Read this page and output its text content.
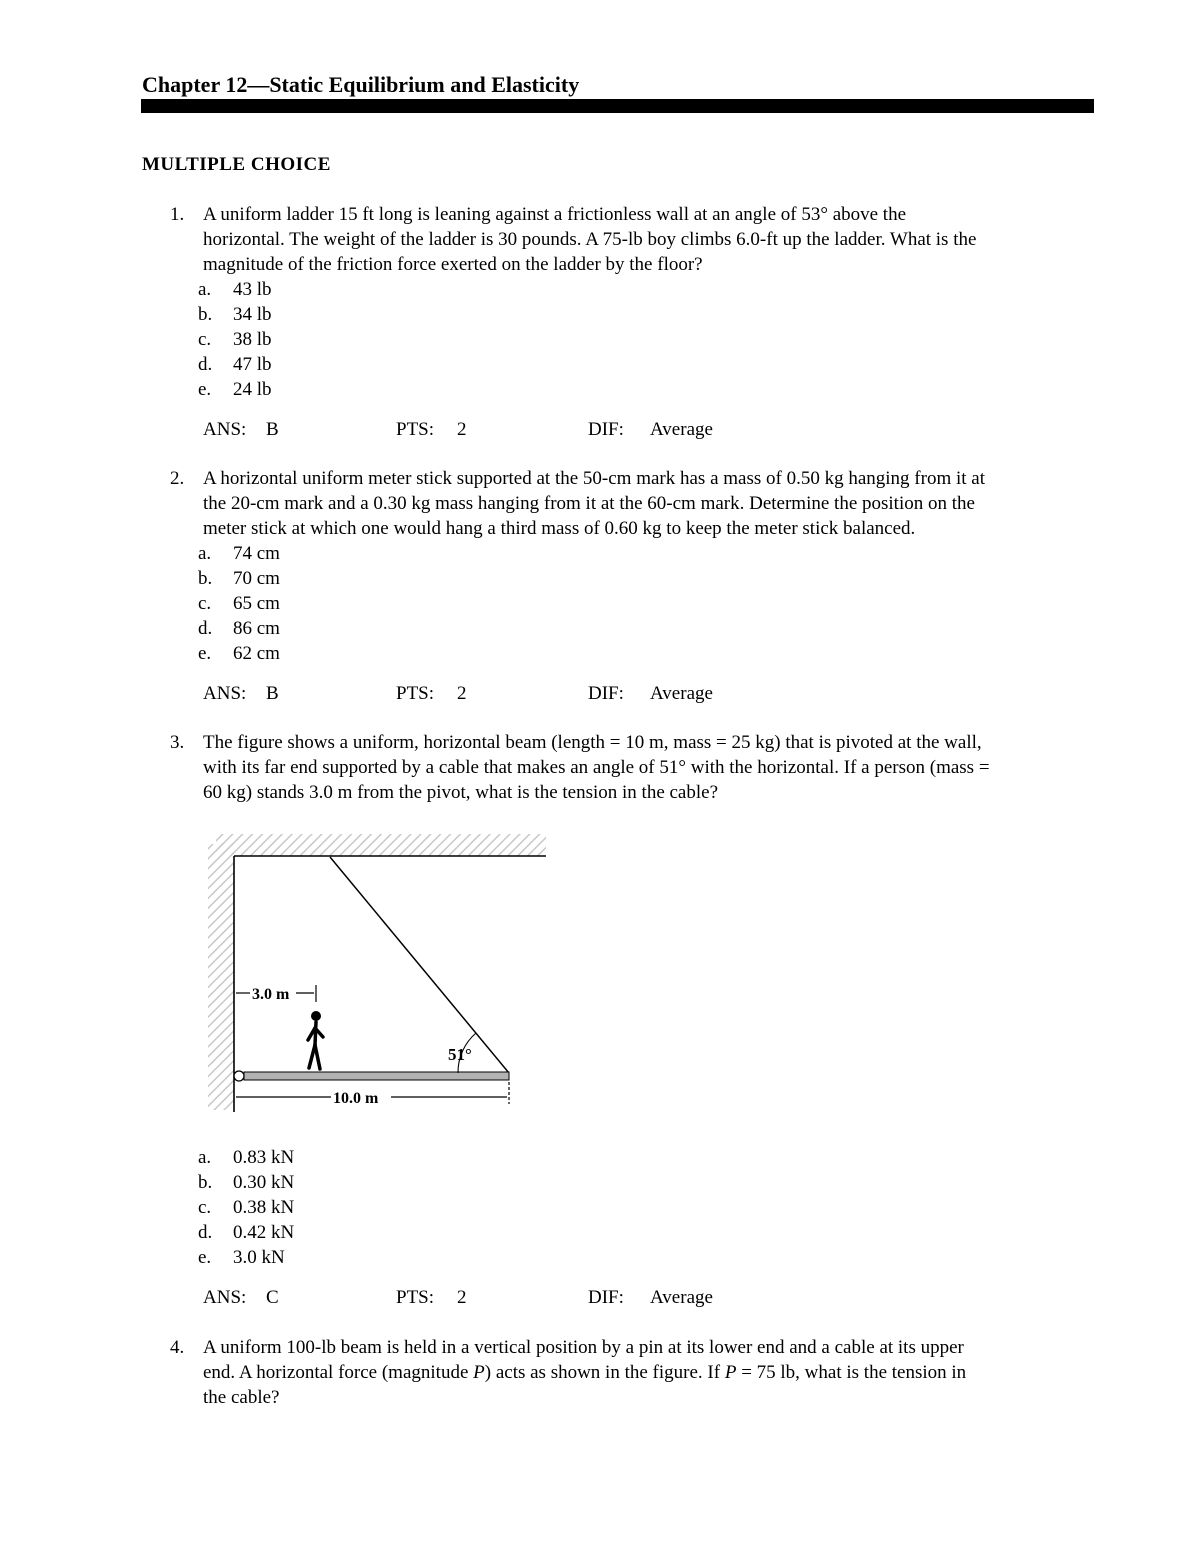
Chapter 12—Static Equilibrium and Elasticity
MULTIPLE CHOICE
1. A uniform ladder 15 ft long is leaning against a frictionless wall at an angle of 53° above the
horizontal. The weight of the ladder is 30 pounds. A 75-lb boy climbs 6.0-ft up the ladder. What is the
magnitude of the friction force exerted on the ladder by the floor?
a. 43 lb
b. 34 lb
c. 38 lb
d. 47 lb
e. 24 lb
ANS: B	PTS: 2	DIF: Average
2. A horizontal uniform meter stick supported at the 50-cm mark has a mass of 0.50 kg hanging from it at
the 20-cm mark and a 0.30 kg mass hanging from it at the 60-cm mark. Determine the position on the
meter stick at which one would hang a third mass of 0.60 kg to keep the meter stick balanced.
a. 74 cm
b. 70 cm
c. 65 cm
d. 86 cm
e. 62 cm
ANS: B	PTS: 2	DIF: Average
3. The figure shows a uniform, horizontal beam (length = 10 m, mass = 25 kg) that is pivoted at the wall,
with its far end supported by a cable that makes an angle of 51° with the horizontal. If a person (mass =
60 kg) stands 3.0 m from the pivot, what is the tension in the cable?
51°
3.0 m
10.0 m
a. 0.83 kN
b. 0.30 kN
c. 0.38 kN
d. 0.42 kN
e. 3.0 kN
ANS: C	PTS: 2	DIF: Average
4. A uniform 100-lb beam is held in a vertical position by a pin at its lower end and a cable at its upper
end. A horizontal force (magnitude P) acts as shown in the figure. If P = 75 lb, what is the tension in
the cable?
